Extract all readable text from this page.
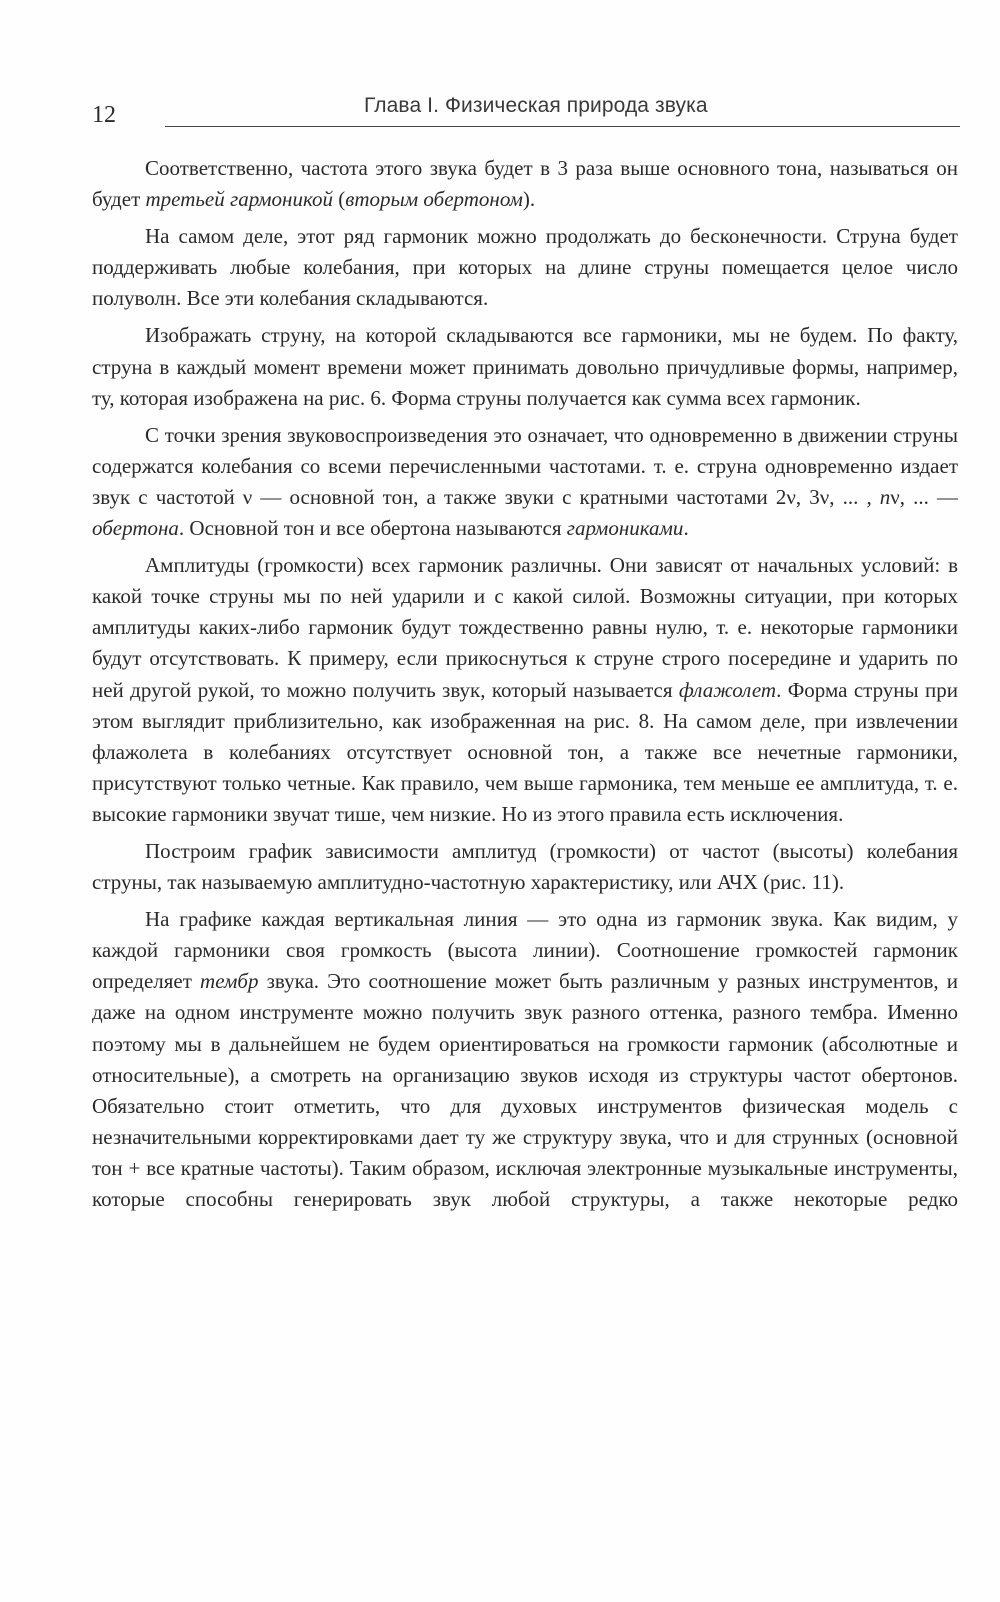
12	Глава I. Физическая природа звука

Соответственно, частота этого звука будет в 3 раза выше основного тона, называться он будет третьей гармоникой (вторым обертоном).

На самом деле, этот ряд гармоник можно продолжать до бесконечности. Струна будет поддерживать любые колебания, при которых на длине струны помещается целое число полуволн. Все эти колебания складываются.

Изображать струну, на которой складываются все гармоники, мы не будем. По факту, струна в каждый момент времени может принимать довольно причудливые формы, например, ту, которая изображена на рис. 6. Форма струны получается как сумма всех гармоник.

С точки зрения звуковоспроизведения это означает, что одновременно в движении струны содержатся колебания со всеми перечисленными частотами. т. е. струна одновременно издает звук с частотой ν — основной тон, а также звуки с кратными частотами 2ν, 3ν, ... , nν, ... — обертона. Основной тон и все обертона называются гармониками.

Амплитуды (громкости) всех гармоник различны. Они зависят от начальных условий: в какой точке струны мы по ней ударили и с какой силой. Возможны ситуации, при которых амплитуды каких-либо гармоник будут тождественно равны нулю, т. е. некоторые гармоники будут отсутствовать. К примеру, если прикоснуться к струне строго посередине и ударить по ней другой рукой, то можно получить звук, который называется флажолет. Форма струны при этом выглядит приблизительно, как изображенная на рис. 8. На самом деле, при извлечении флажолета в колебаниях отсутствует основной тон, а также все нечетные гармоники, присутствуют только четные. Как правило, чем выше гармоника, тем меньше ее амплитуда, т. е. высокие гармоники звучат тише, чем низкие. Но из этого правила есть исключения.

Построим график зависимости амплитуд (громкости) от частот (высоты) колебания струны, так называемую амплитудно-частотную характеристику, или АЧХ (рис. 11).

На графике каждая вертикальная линия — это одна из гармоник звука. Как видим, у каждой гармоники своя громкость (высота линии). Соотношение громкостей гармоник определяет тембр звука. Это соотношение может быть различным у разных инструментов, и даже на одном инструменте можно получить звук разного оттенка, разного тембра. Именно поэтому мы в дальнейшем не будем ориентироваться на громкости гармоник (абсолютные и относительные), а смотреть на организацию звуков исходя из структуры частот обертонов. Обязательно стоит отметить, что для духовых инструментов физическая модель с незначительными корректировками дает ту же структуру звука, что и для струнных (основной тон + все кратные частоты). Таким образом, исключая электронные музыкальные инструменты, которые способны генерировать звук любой структуры, а также некоторые редко
